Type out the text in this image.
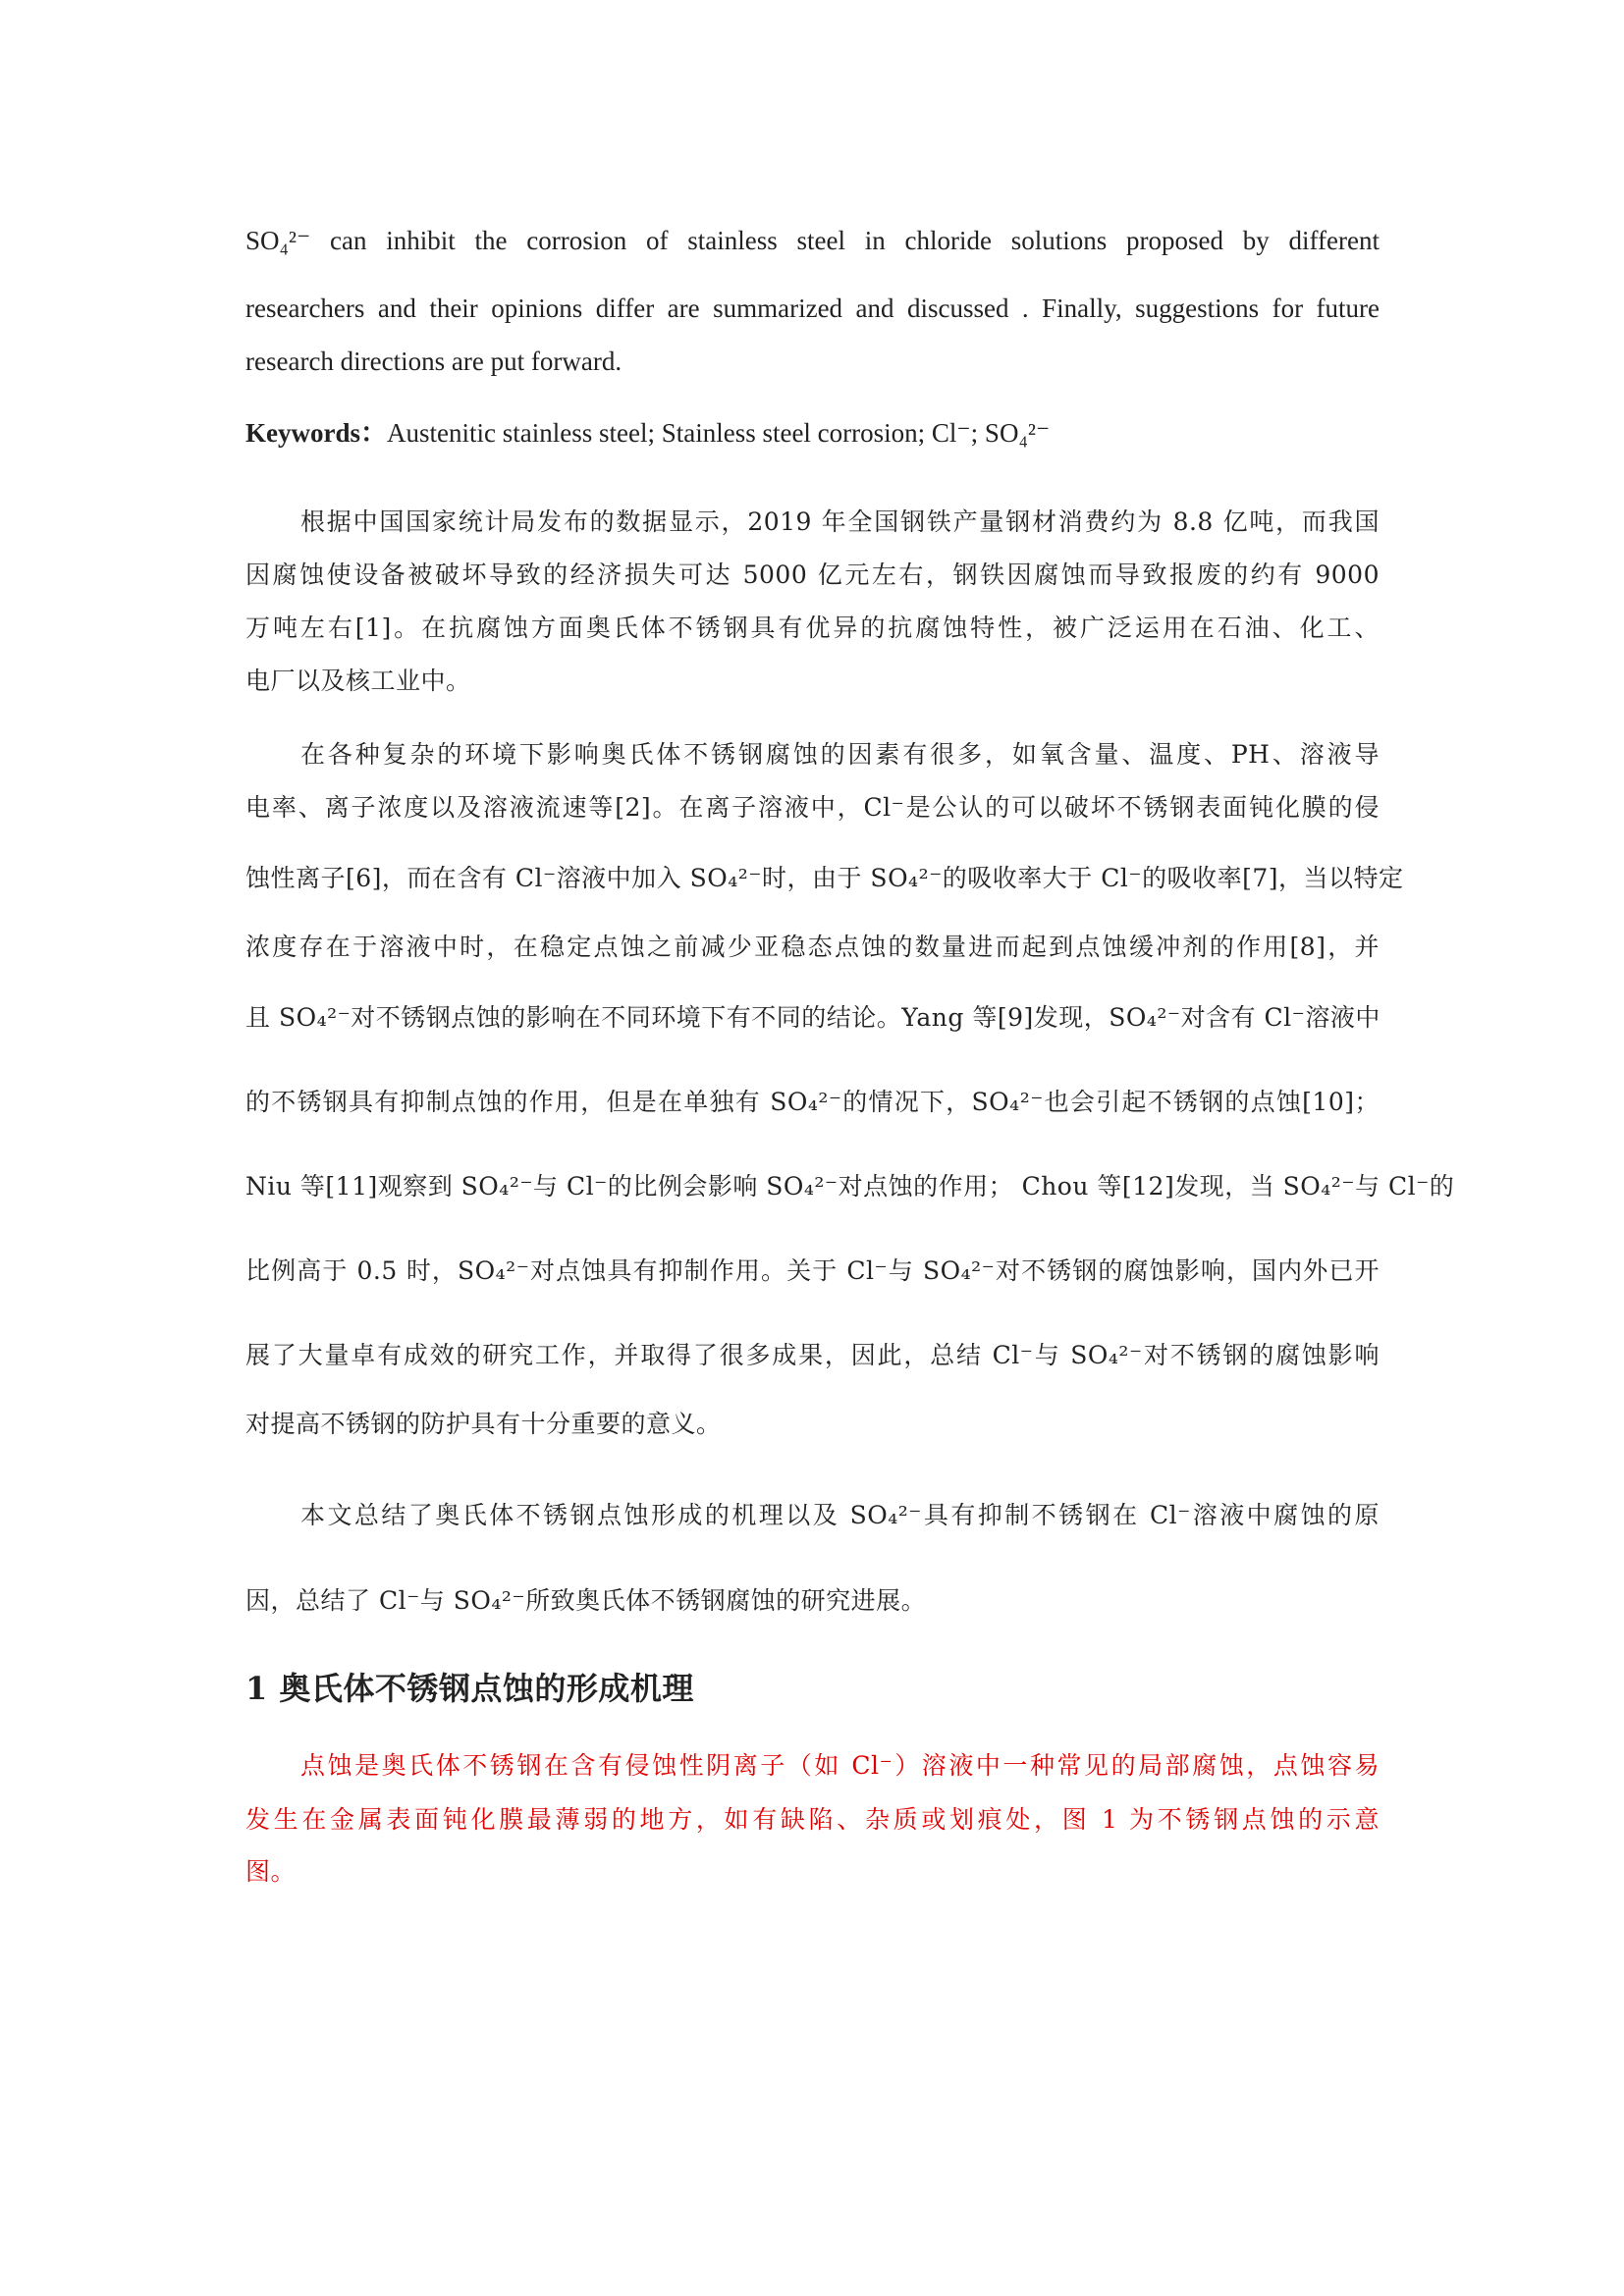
SO₄²⁻ can inhibit the corrosion of stainless steel in chloride solutions proposed by different
researchers and their opinions differ are summarized and discussed . Finally, suggestions for future
research directions are put forward.
Keywords：Austenitic stainless steel; Stainless steel corrosion; Cl⁻; SO₄²⁻
根据中国国家统计局发布的数据显示，2019 年全国钢铁产量钢材消费约为 8.8 亿吨，而我国
因腐蚀使设备被破坏导致的经济损失可达 5000 亿元左右，钢铁因腐蚀而导致报废的约有 9000
万吨左右[1]。在抗腐蚀方面奥氏体不锈钢具有优异的抗腐蚀特性，被广泛运用在石油、化工、
电厂以及核工业中。
在各种复杂的环境下影响奥氏体不锈钢腐蚀的因素有很多，如氧含量、温度、PH、溶液导
电率、离子浓度以及溶液流速等[2]。在离子溶液中，Cl⁻是公认的可以破坏不锈钢表面钝化膜的侵
蚀性离子[6]，而在含有 Cl⁻溶液中加入 SO₄²⁻时，由于 SO₄²⁻的吸收率大于 Cl⁻的吸收率[7]，当以特定
浓度存在于溶液中时，在稳定点蚀之前减少亚稳态点蚀的数量进而起到点蚀缓冲剂的作用[8]，并
且 SO₄²⁻对不锈钢点蚀的影响在不同环境下有不同的结论。Yang 等[9]发现，SO₄²⁻对含有 Cl⁻溶液中
的不锈钢具有抑制点蚀的作用，但是在单独有 SO₄²⁻的情况下，SO₄²⁻也会引起不锈钢的点蚀[10]；
Niu 等[11]观察到 SO₄²⁻与 Cl⁻的比例会影响 SO₄²⁻对点蚀的作用； Chou 等[12]发现，当 SO₄²⁻与 Cl⁻的
比例高于 0.5 时，SO₄²⁻对点蚀具有抑制作用。关于 Cl⁻与 SO₄²⁻对不锈钢的腐蚀影响，国内外已开
展了大量卓有成效的研究工作，并取得了很多成果，因此，总结 Cl⁻与 SO₄²⁻对不锈钢的腐蚀影响
对提高不锈钢的防护具有十分重要的意义。
本文总结了奥氏体不锈钢点蚀形成的机理以及 SO₄²⁻具有抑制不锈钢在 Cl⁻溶液中腐蚀的原
因，总结了 Cl⁻与 SO₄²⁻所致奥氏体不锈钢腐蚀的研究进展。
1 奥氏体不锈钢点蚀的形成机理
点蚀是奥氏体不锈钢在含有侵蚀性阴离子（如 Cl⁻）溶液中一种常见的局部腐蚀，点蚀容易
发生在金属表面钝化膜最薄弱的地方，如有缺陷、杂质或划痕处，图 1 为不锈钢点蚀的示意
图。
